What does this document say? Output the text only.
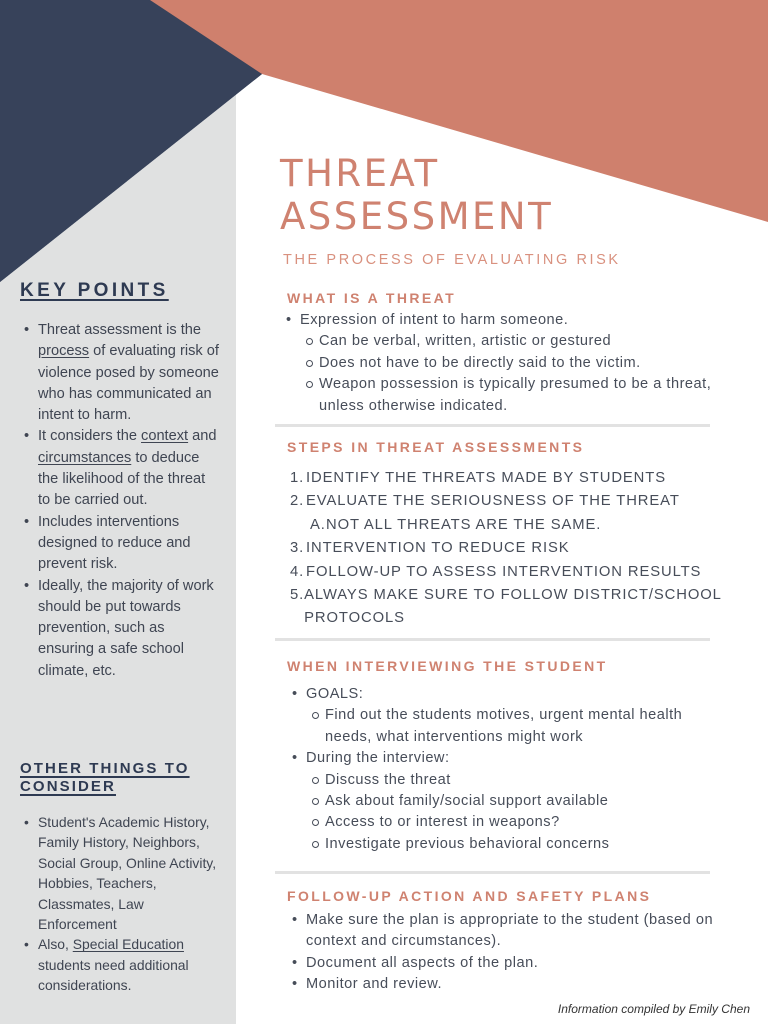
THREAT
ASSESSMENT
THE PROCESS OF EVALUATING RISK
KEY POINTS
• Threat assessment is the process of evaluating risk of violence posed by someone who has communicated an intent to harm.
• It considers the context and circumstances to deduce the likelihood of the threat to be carried out.
• Includes interventions designed to reduce and prevent risk.
• Ideally, the majority of work should be put towards prevention, such as ensuring a safe school climate, etc.
OTHER THINGS TO
CONSIDER
• Student's Academic History, Family History, Neighbors, Social Group, Online Activity, Hobbies, Teachers, Classmates, Law Enforcement
• Also, Special Education students need additional considerations.
WHAT IS A THREAT
• Expression of intent to harm someone.
Can be verbal, written, artistic or gestured
Does not have to be directly said to the victim.
Weapon possession is typically presumed to be a threat, unless otherwise indicated.
STEPS IN THREAT ASSESSMENTS
1. IDENTIFY THE THREATS MADE BY STUDENTS
2. EVALUATE THE SERIOUSNESS OF THE THREAT
A. NOT ALL THREATS ARE THE SAME.
3. INTERVENTION TO REDUCE RISK
4. FOLLOW-UP TO ASSESS INTERVENTION RESULTS
5. ALWAYS MAKE SURE TO FOLLOW DISTRICT/SCHOOL PROTOCOLS
WHEN INTERVIEWING THE STUDENT
• GOALS:
Find out the students motives, urgent mental health needs, what interventions might work
• During the interview:
Discuss the threat
Ask about family/social support available
Access to or interest in weapons?
Investigate previous behavioral concerns
FOLLOW-UP ACTION AND SAFETY PLANS
• Make sure the plan is appropriate to the student (based on context and circumstances).
• Document all aspects of the plan.
• Monitor and review.
Information compiled by Emily Chen
